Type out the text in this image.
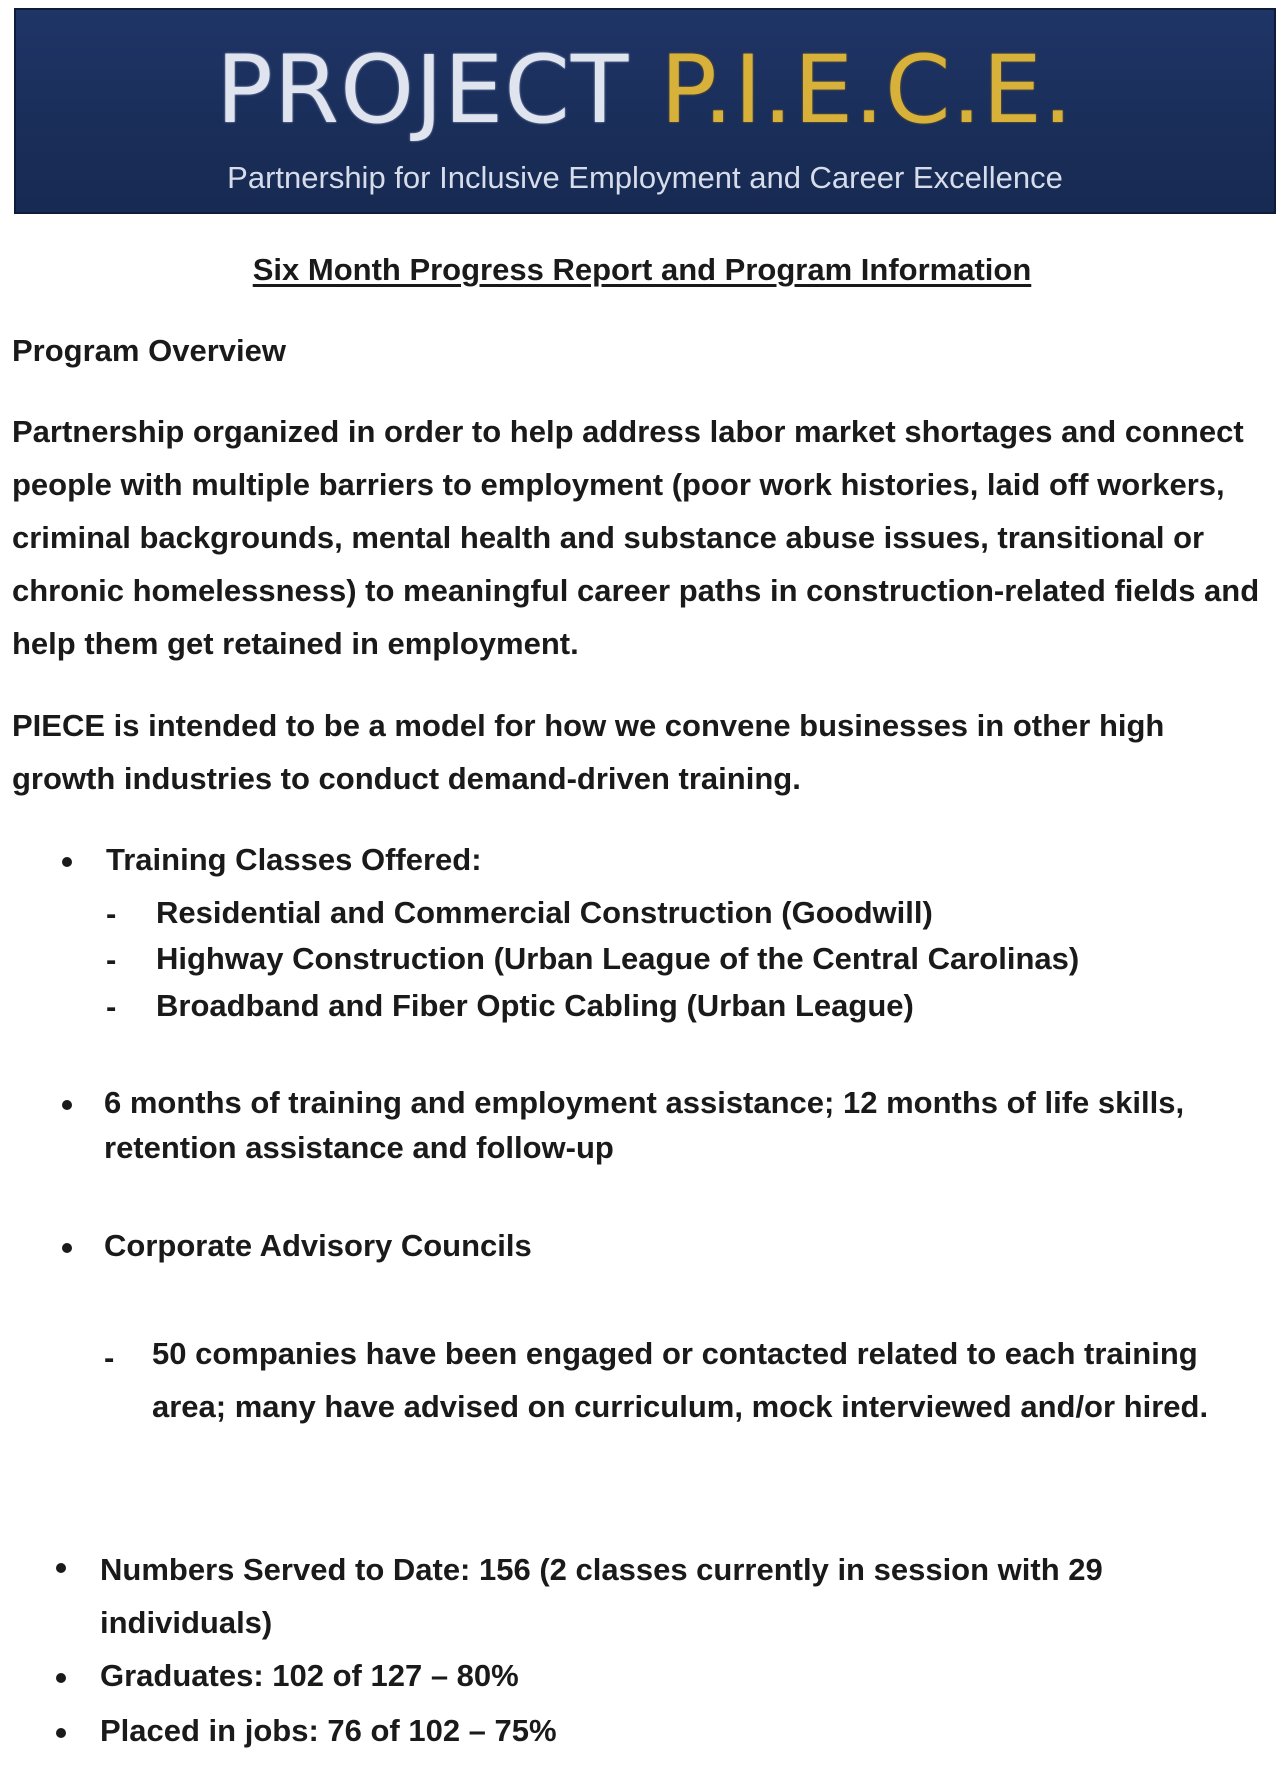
PROJECT P.I.E.C.E.
Partnership for Inclusive Employment and Career Excellence
Six Month Progress Report and Program Information
Program Overview
Partnership organized in order to help address labor market shortages and connect people with multiple barriers to employment (poor work histories, laid off workers, criminal backgrounds, mental health and substance abuse issues, transitional or chronic homelessness) to meaningful career paths in construction-related fields and help them get retained in employment.
PIECE is intended to be a model for how we convene businesses in other high growth industries to conduct demand-driven training.
Training Classes Offered:
- Residential and Commercial Construction (Goodwill)
- Highway Construction (Urban League of the Central Carolinas)
- Broadband and Fiber Optic Cabling (Urban League)
6 months of training and employment assistance; 12 months of life skills, retention assistance and follow-up
Corporate Advisory Councils
- 50 companies have been engaged or contacted related to each training area; many have advised on curriculum, mock interviewed and/or hired.
Numbers Served to Date: 156 (2 classes currently in session with 29 individuals)
Graduates: 102 of 127 – 80%
Placed in jobs: 76 of 102 – 75%
